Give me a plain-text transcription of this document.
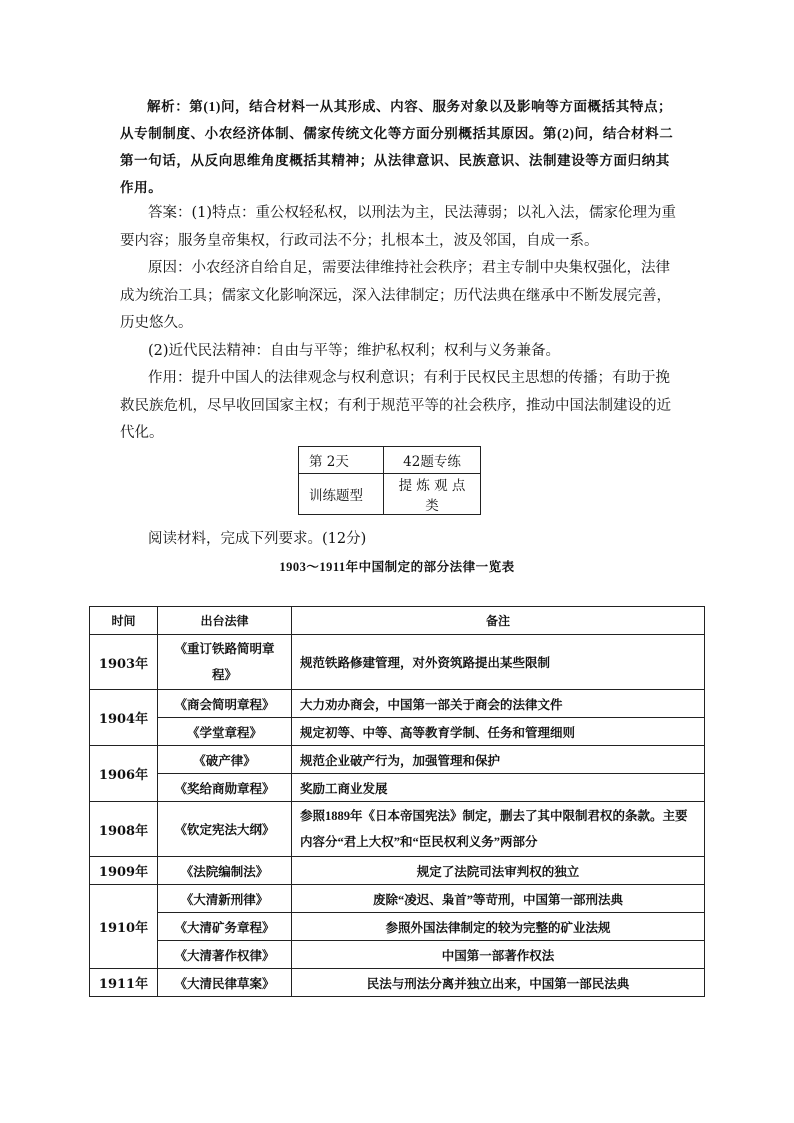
解析：第(1)问，结合材料一从其形成、内容、服务对象以及影响等方面概括其特点；从专制制度、小农经济体制、儒家传统文化等方面分别概括其原因。第(2)问，结合材料二第一句话，从反向思维角度概括其精神；从法律意识、民族意识、法制建设等方面归纳其作用。

答案：(1)特点：重公权轻私权，以刑法为主，民法薄弱；以礼入法，儒家伦理为重要内容；服务皇帝集权，行政司法不分；扎根本土，波及邻国，自成一系。

原因：小农经济自给自足，需要法律维持社会秩序；君主专制中央集权强化，法律成为统治工具；儒家文化影响深远，深入法律制定；历代法典在继承中不断发展完善，历史悠久。

(2)近代民法精神：自由与平等；维护私权利；权利与义务兼备。

作用：提升中国人的法律观念与权利意识；有利于民权民主思想的传播；有助于挽救民族危机，尽早收回国家主权；有利于规范平等的社会秩序，推动中国法制建设的近代化。

第 2天	42题专练
训练题型	提 炼 观 点 类
阅读材料，完成下列要求。(12分)
1903～1911年中国制定的部分法律一览表
时间	出台法律	备注
1903年	《重订铁路简明章程》	规范铁路修建管理，对外资筑路提出某些限制
1904年	《商会简明章程》	大力劝办商会，中国第一部关于商会的法律文件
	《学堂章程》	规定初等、中等、高等教育学制、任务和管理细则
1906年	《破产律》	规范企业破产行为，加强管理和保护
	《奖给商勋章程》	奖励工商业发展
1908年	《钦定宪法大纲》	参照1889年《日本帝国宪法》制定，删去了其中限制君权的条款。主要内容分“君上大权”和“臣民权利义务”两部分
1909年	《法院编制法》	规定了法院司法审判权的独立
1910年	《大清新刑律》	废除“凌迟、枭首”等苛刑，中国第一部刑法典
	《大清矿务章程》	参照外国法律制定的较为完整的矿业法规
	《大清著作权律》	中国第一部著作权法
1911年	《大清民律草案》	民法与刑法分离并独立出来，中国第一部民法典
